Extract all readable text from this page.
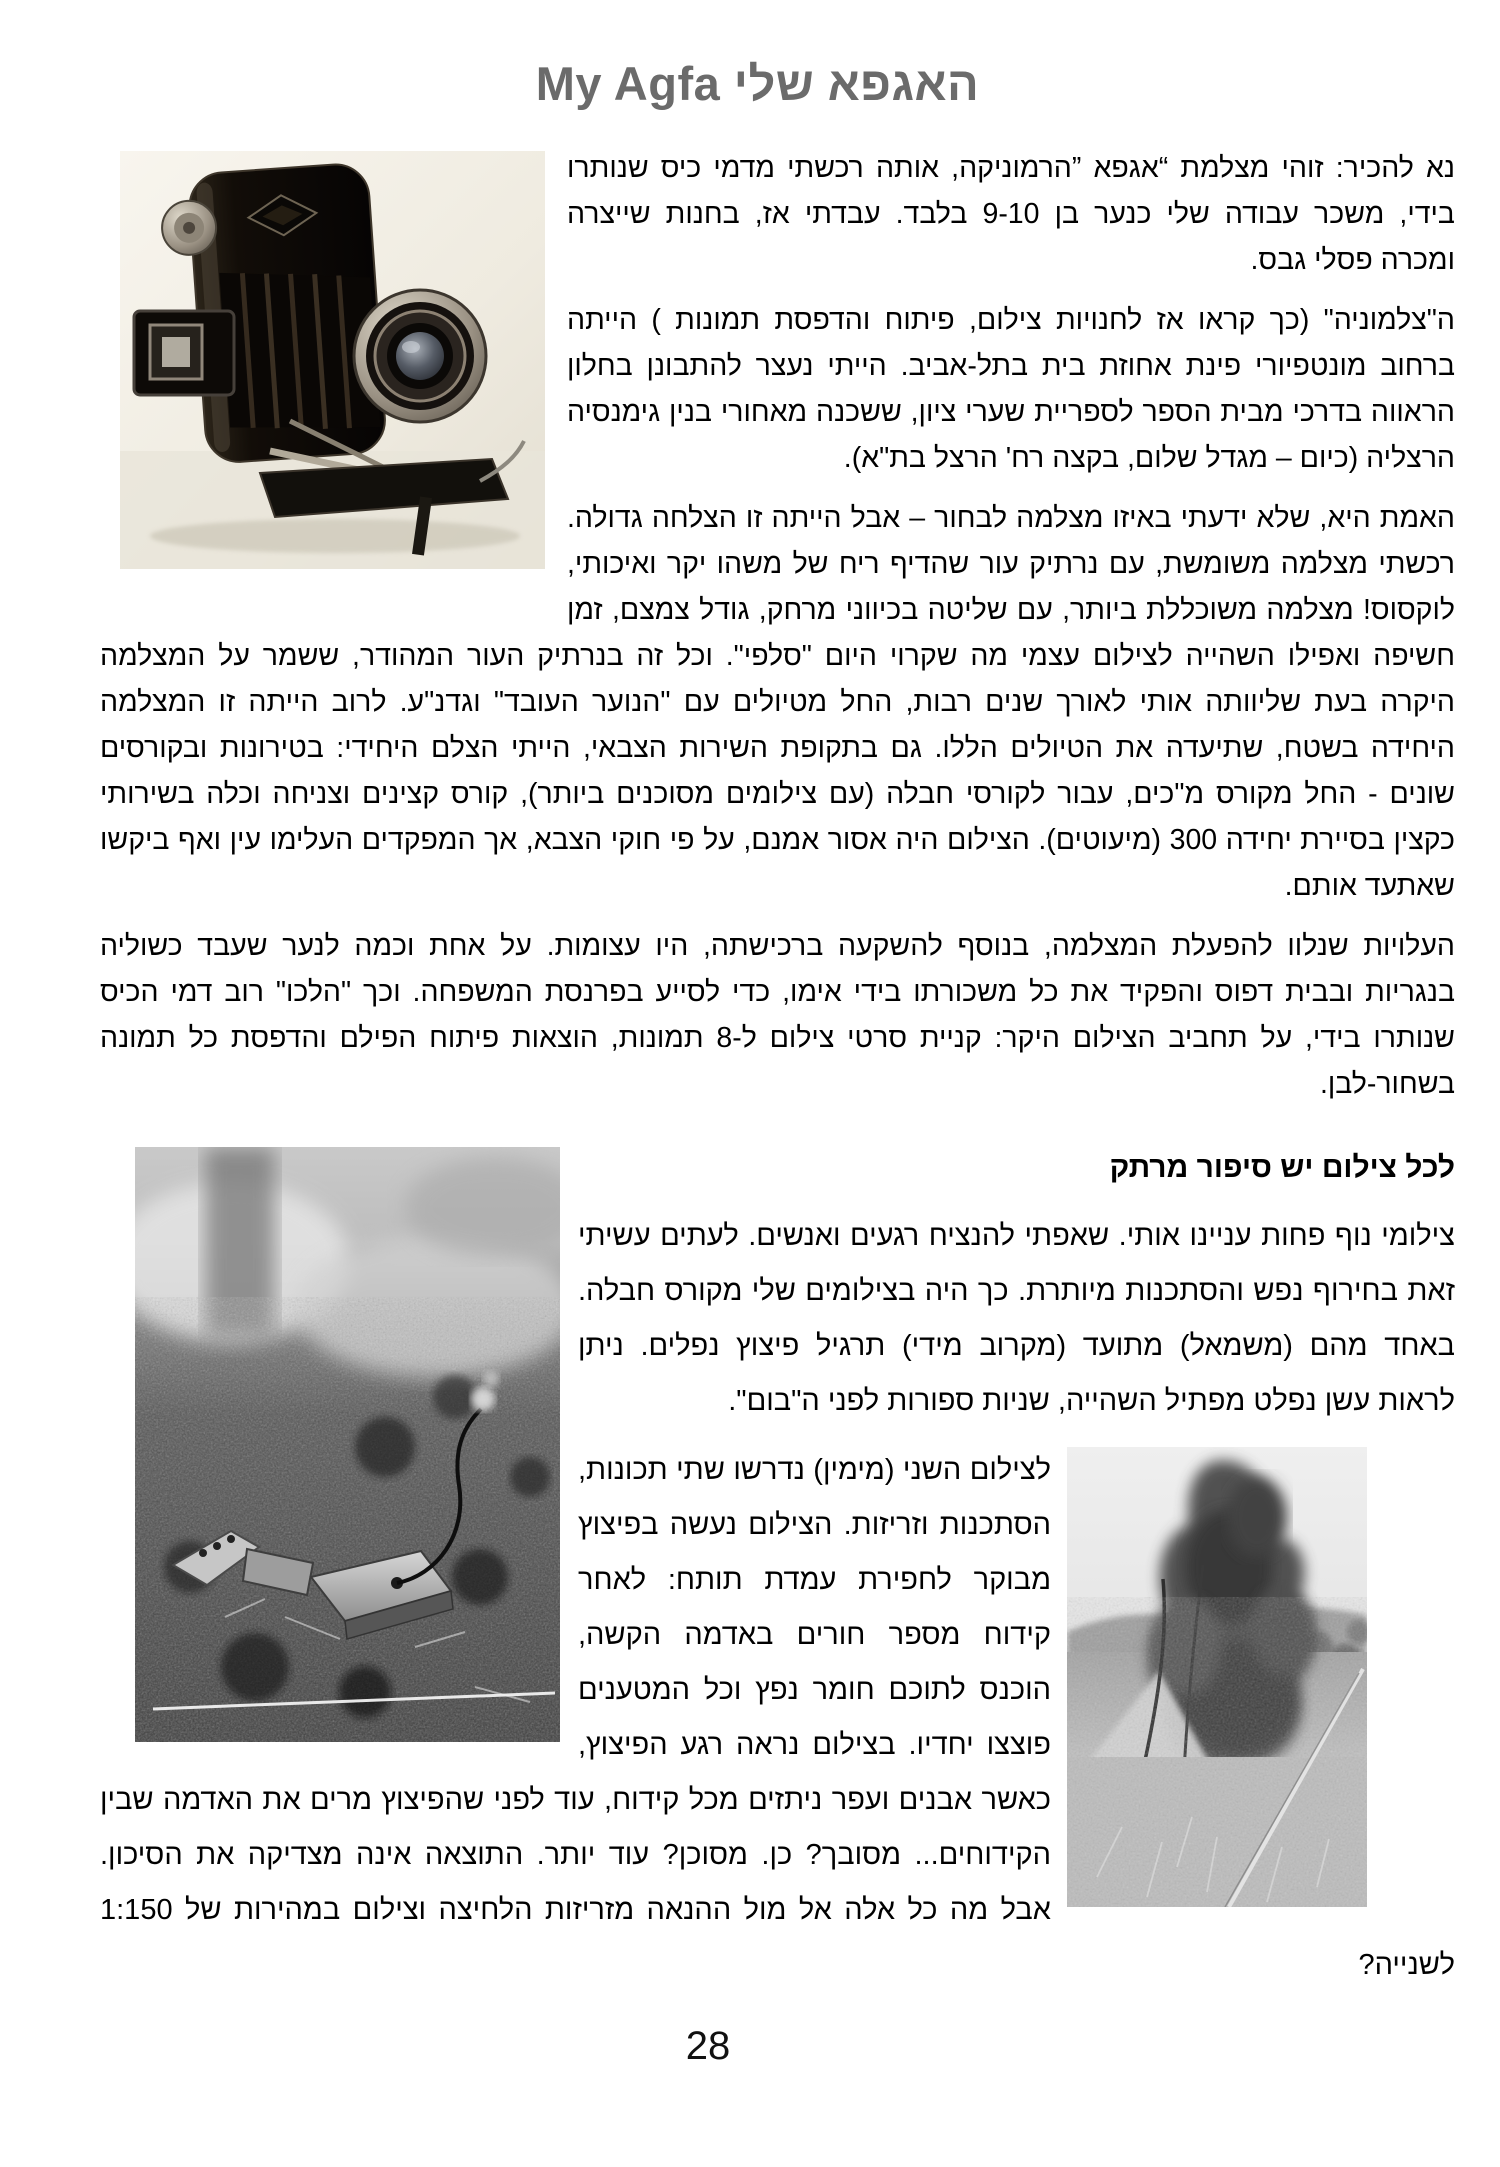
האגפא שלי My Agfa

נא להכיר: זוהי מצלמת “אגפא ”הרמוניקה, אותה רכשתי מדמי כיס שנותרו בידי, משכר עבודה שלי כנער בן 9-10 בלבד. עבדתי אז, בחנות שייצרה ומכרה פסלי גבס.

ה"צלמוניה" (כך קראו אז לחנויות צילום, פיתוח והדפסת תמונות ) הייתה ברחוב מונטפיורי פינת אחוזת בית בתל-אביב. הייתי נעצר להתבונן בחלון הראווה בדרכי מבית הספר לספריית שערי ציון, ששכנה מאחורי בנין גימנסיה הרצליה (כיום – מגדל שלום, בקצה רח' הרצל בת"א).

האמת היא, שלא ידעתי באיזו מצלמה לבחור – אבל הייתה זו הצלחה גדולה. רכשתי מצלמה משומשת, עם נרתיק עור שהדיף ריח של משהו יקר ואיכותי, לוקסוס! מצלמה משוכללת ביותר, עם שליטה בכיווני מרחק, גודל צמצם, זמן חשיפה ואפילו השהייה לצילום עצמי מה שקרוי היום "סלפי". וכל זה בנרתיק העור המהודר, ששמר על המצלמה היקרה בעת שליוותה אותי לאורך שנים רבות, החל מטיולים עם "הנוער העובד" וגדנ"ע. לרוב הייתה זו המצלמה היחידה בשטח, שתיעדה את הטיולים הללו. גם בתקופת השירות הצבאי, הייתי הצלם היחידי: בטירונות ובקורסים שונים - החל מקורס מ"כים, עבור לקורסי חבלה (עם צילומים מסוכנים ביותר), קורס קצינים וצניחה וכלה בשירותי כקצין בסיירת יחידה 300 (מיעוטים). הצילום היה אסור אמנם, על פי חוקי הצבא, אך המפקדים העלימו עין ואף ביקשו שאתעד אותם.

העלויות שנלוו להפעלת המצלמה, בנוסף להשקעה ברכישתה, היו עצומות. על אחת וכמה לנער שעבד כשוליה בנגריות ובבית דפוס והפקיד את כל משכורתו בידי אימו, כדי לסייע בפרנסת המשפחה. וכך "הלכו" רוב דמי הכיס שנותרו בידי, על תחביב הצילום היקר: קניית סרטי צילום ל-8 תמונות, הוצאות פיתוח הפילם והדפסת כל תמונה בשחור-לבן.

לכל צילום יש סיפור מרתק

צילומי נוף פחות עניינו אותי. שאפתי להנציח רגעים ואנשים. לעתים עשיתי זאת בחירוף נפש והסתכנות מיותרת. כך היה בצילומים שלי מקורס חבלה. באחד מהם (משמאל) מתועד (מקרוב מידי) תרגיל פיצוץ נפלים. ניתן לראות עשן נפלט מפתיל השהייה, שניות ספורות לפני ה"בום".

לצילום השני (מימין) נדרשו שתי תכונות, הסתכנות וזריזות. הצילום נעשה בפיצוץ מבוקר לחפירת עמדת תותח: לאחר קידוח מספר חורים באדמה הקשה, הוכנס לתוכם חומר נפץ וכל המטענים פוצצו יחדיו. בצילום נראה רגע הפיצוץ, כאשר אבנים ועפר ניתזים מכל קידוח, עוד לפני שהפיצוץ מרים את האדמה שבין הקידוחים... מסובך? כן. מסוכן? עוד יותר. התוצאה אינה מצדיקה את הסיכון. אבל מה כל אלה אל מול ההנאה מזריזות הלחיצה וצילום במהירות של 1:150 לשנייה?

28
